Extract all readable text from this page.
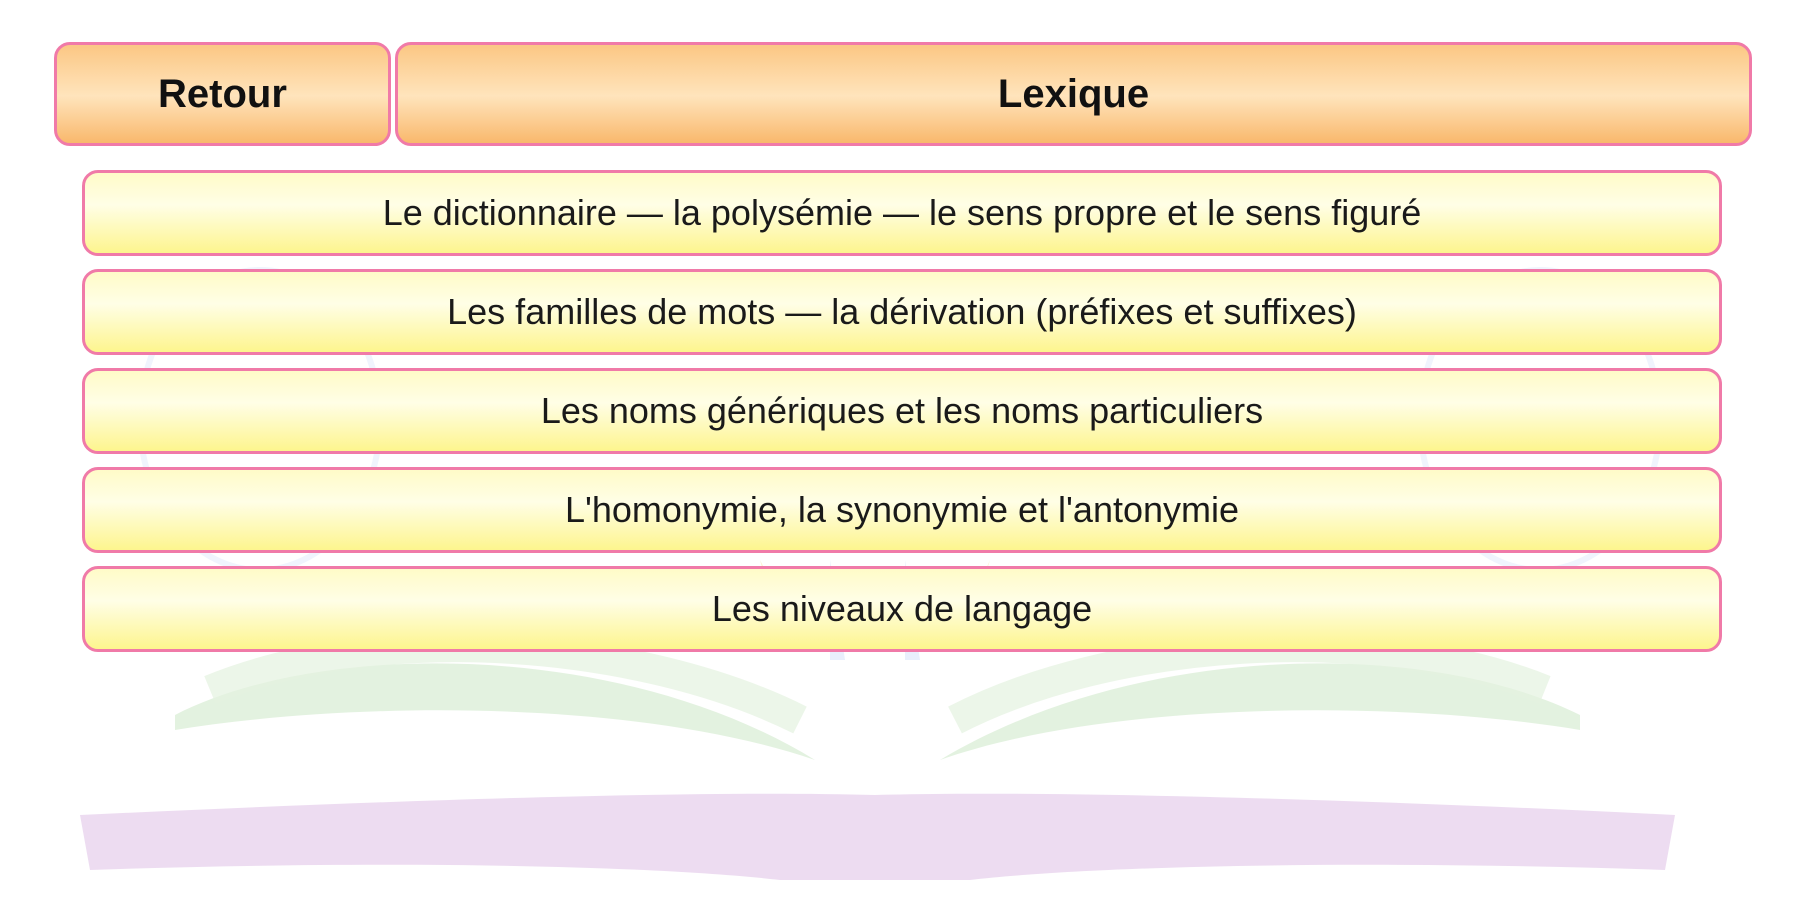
Retour	Lexique
Le dictionnaire — la polysémie — le sens propre et le sens figuré
Les familles de mots — la dérivation (préfixes et suffixes)
Les noms génériques et les noms particuliers
L'homonymie, la synonymie et l'antonymie
Les niveaux de langage
